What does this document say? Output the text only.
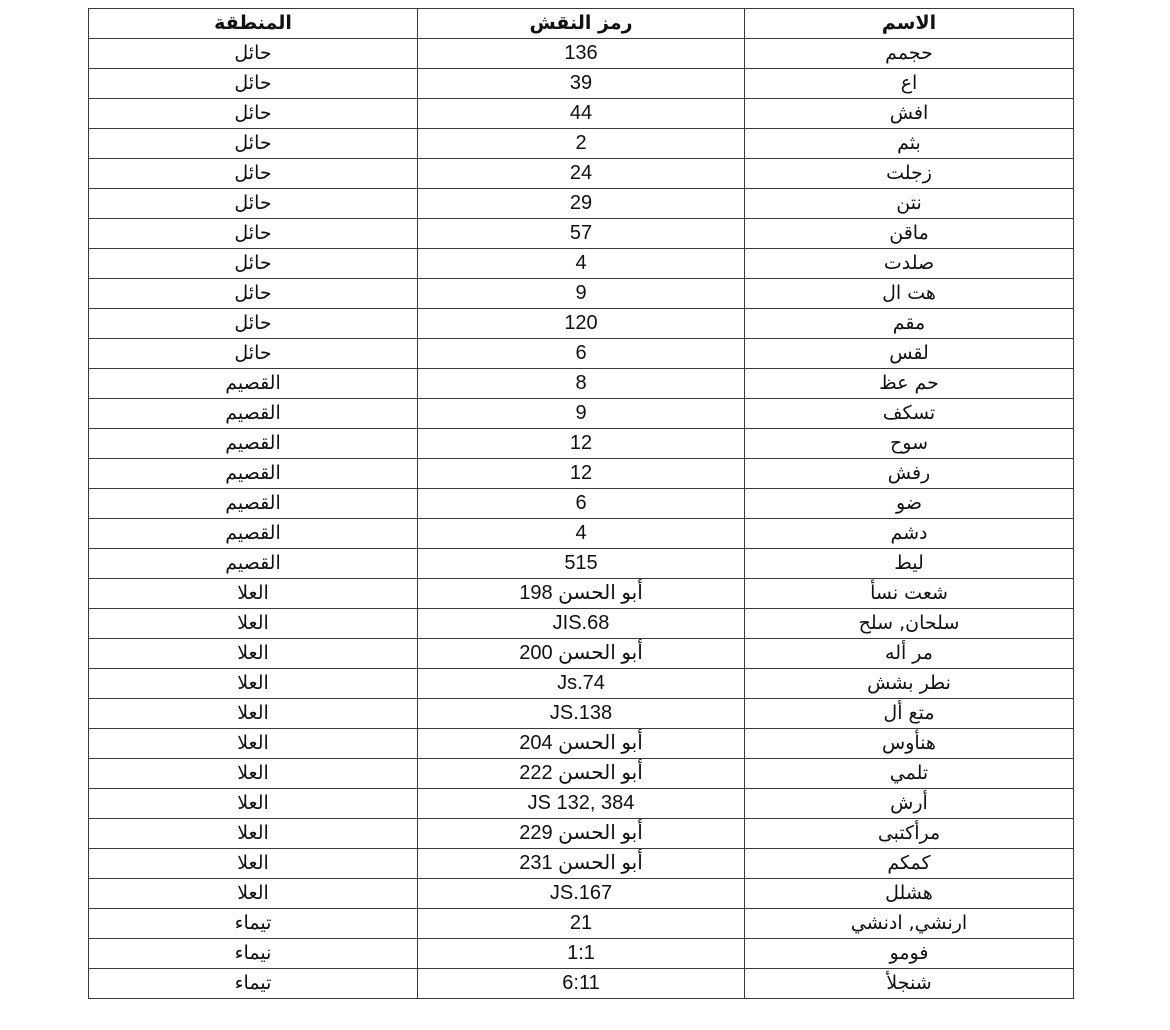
الاسم	رمز النقش	المنطقة
حجمم	136	حائل
اع	39	حائل
افش	44	حائل
بثم	2	حائل
زجلت	24	حائل
نتن	29	حائل
ماقن	57	حائل
صلدت	4	حائل
هت ال	9	حائل
مقم	120	حائل
لقس	6	حائل
حم عظ	8	القصيم
تسكف	9	القصيم
سوح	12	القصيم
رفش	12	القصيم
ضو	6	القصيم
دشم	4	القصيم
ليط	515	القصيم
شعت نسأ	أبو الحسن 198	العلا
سلحان, سلح	JIS.68	العلا
مر أله	أبو الحسن 200	العلا
نطر بشش	Js.74	العلا
متع أل	JS.138	العلا
هنأوس	أبو الحسن 204	العلا
تلمي	أبو الحسن 222	العلا
أرش	JS 132, 384	العلا
مرأكتبى	أبو الحسن 229	العلا
كمكم	أبو الحسن 231	العلا
هشلل	JS.167	العلا
ارنشي, ادنشي	21	تيماء
فومو	1:1	نيماء
شنجلأ	6:11	تيماء
